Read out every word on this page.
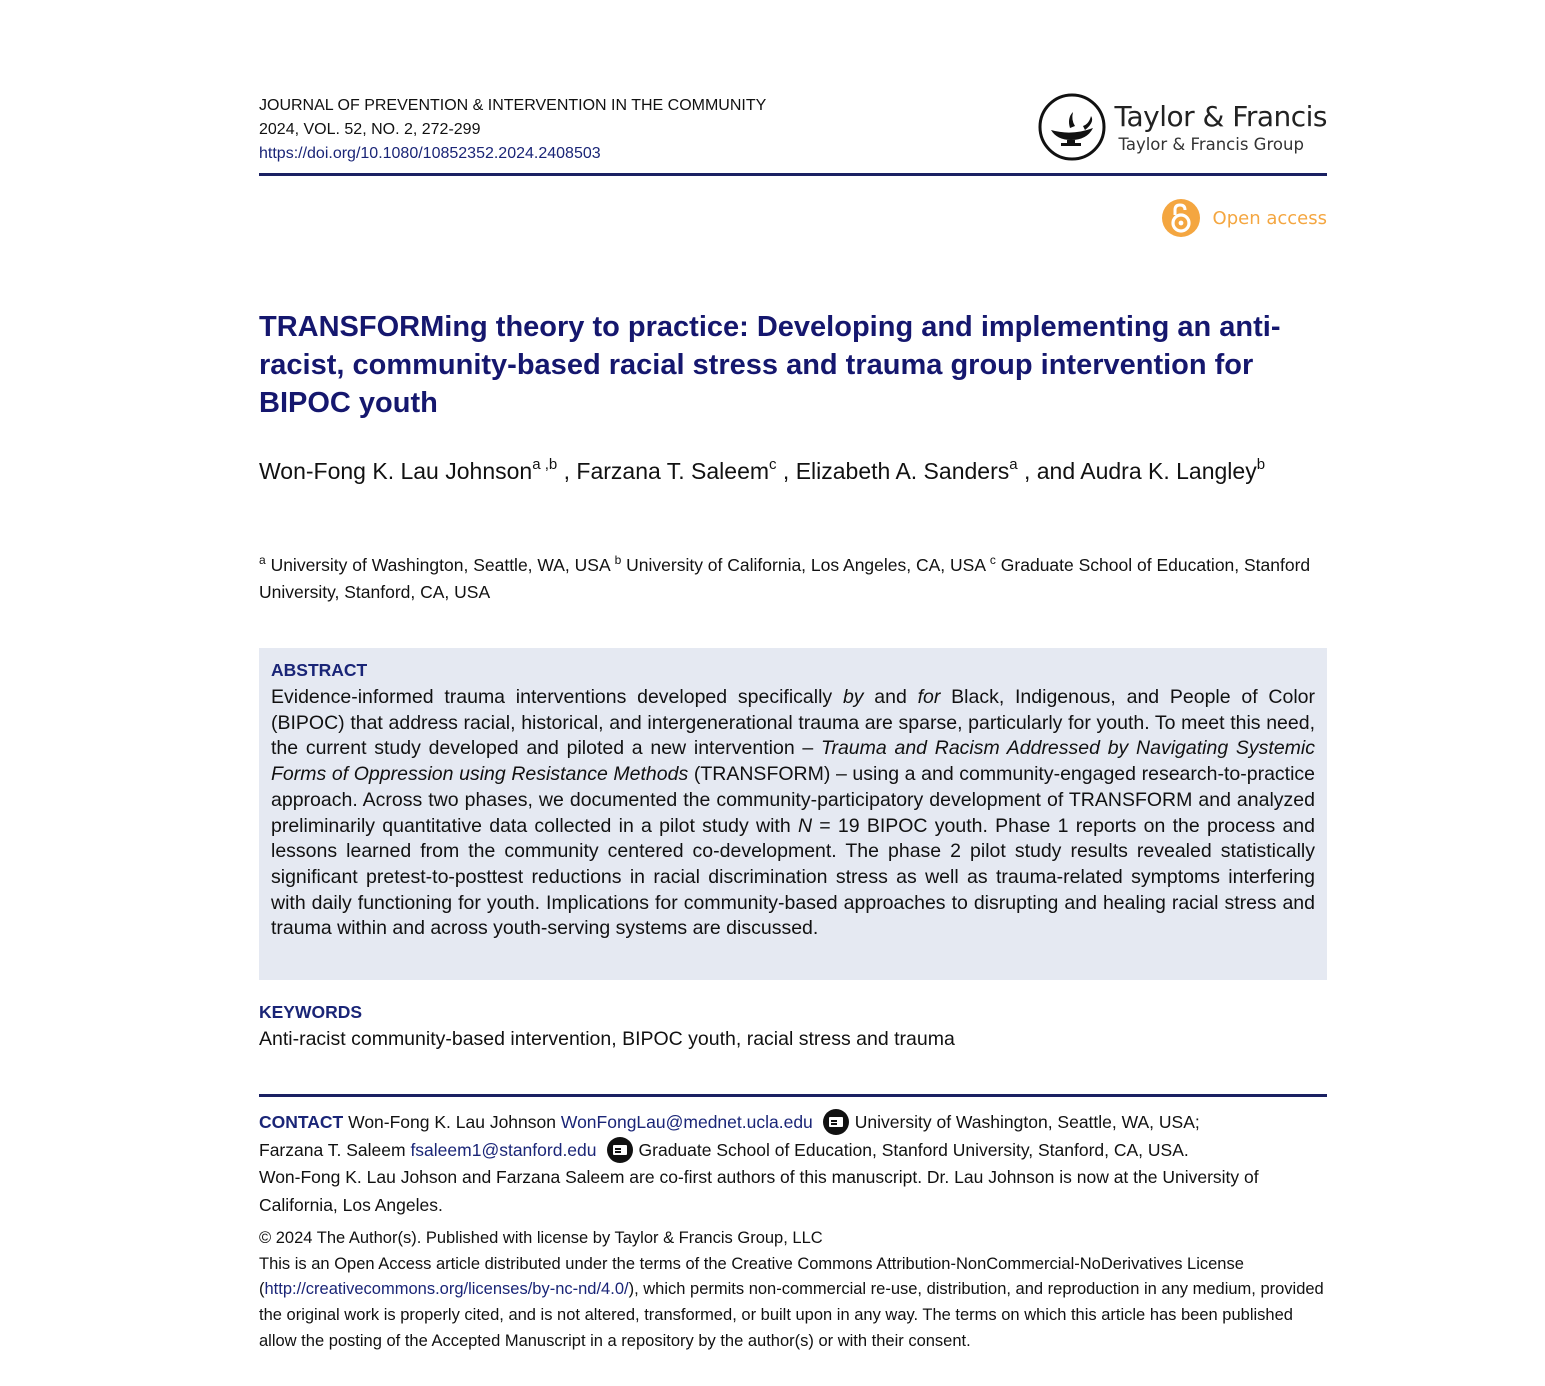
JOURNAL OF PREVENTION & INTERVENTION IN THE COMMUNITY
2024, VOL. 52, NO. 2, 272-299
https://doi.org/10.1080/10852352.2024.2408503
Taylor & Francis
Taylor & Francis Group
Open access
TRANSFORMing theory to practice: Developing and implementing an anti-racist, community-based racial stress and trauma group intervention for BIPOC youth
Won-Fong K. Lau Johnson$^{a ,b}$ , Farzana T. Saleem$^c$ , Elizabeth A. Sanders$^a$ , and Audra K. Langley$^b$
$^a$ University of Washington, Seattle, WA, USA $^b$ University of California, Los Angeles, CA, USA $^c$ Graduate School of Education, Stanford University, Stanford, CA, USA
ABSTRACT

Evidence-informed trauma interventions developed specifically by and for Black, Indigenous, and People of Color (BIPOC) that address racial, historical, and intergenerational trauma are sparse, particularly for youth. To meet this need, the current study developed and piloted a new intervention – Trauma and Racism Addressed by Navigating Systemic Forms of Oppression using Resistance Methods (TRANSFORM) – using a and community-engaged research-to-practice approach. Across two phases, we documented the community-participatory development of TRANSFORM and analyzed preliminarily quantitative data collected in a pilot study with N = 19 BIPOC youth. Phase 1 reports on the process and lessons learned from the community centered co-development. The phase 2 pilot study results revealed statistically significant pretest-to-posttest reductions in racial discrimination stress as well as trauma-related symptoms interfering with daily functioning for youth. Implications for community-based approaches to disrupting and healing racial stress and trauma within and across youth-serving systems are discussed.

KEYWORDS
Anti-racist community-based intervention, BIPOC youth, racial stress and trauma
CONTACT Won-Fong K. Lau Johnson WonFongLau@mednet.ucla.edu University of Washington, Seattle, WA, USA;
Farzana T. Saleem fsaleem1@stanford.edu Graduate School of Education, Stanford University, Stanford, CA, USA.
Won-Fong K. Lau Johson and Farzana Saleem are co-first authors of this manuscript. Dr. Lau Johnson is now at the University of California, Los Angeles.
© 2024 The Author(s). Published with license by Taylor & Francis Group, LLC
This is an Open Access article distributed under the terms of the Creative Commons Attribution-NonCommercial-NoDerivatives License (http://creativecommons.org/licenses/by-nc-nd/4.0/), which permits non-commercial re-use, distribution, and reproduction in any medium, provided the original work is properly cited, and is not altered, transformed, or built upon in any way. The terms on which this article has been published allow the posting of the Accepted Manuscript in a repository by the author(s) or with their consent.
